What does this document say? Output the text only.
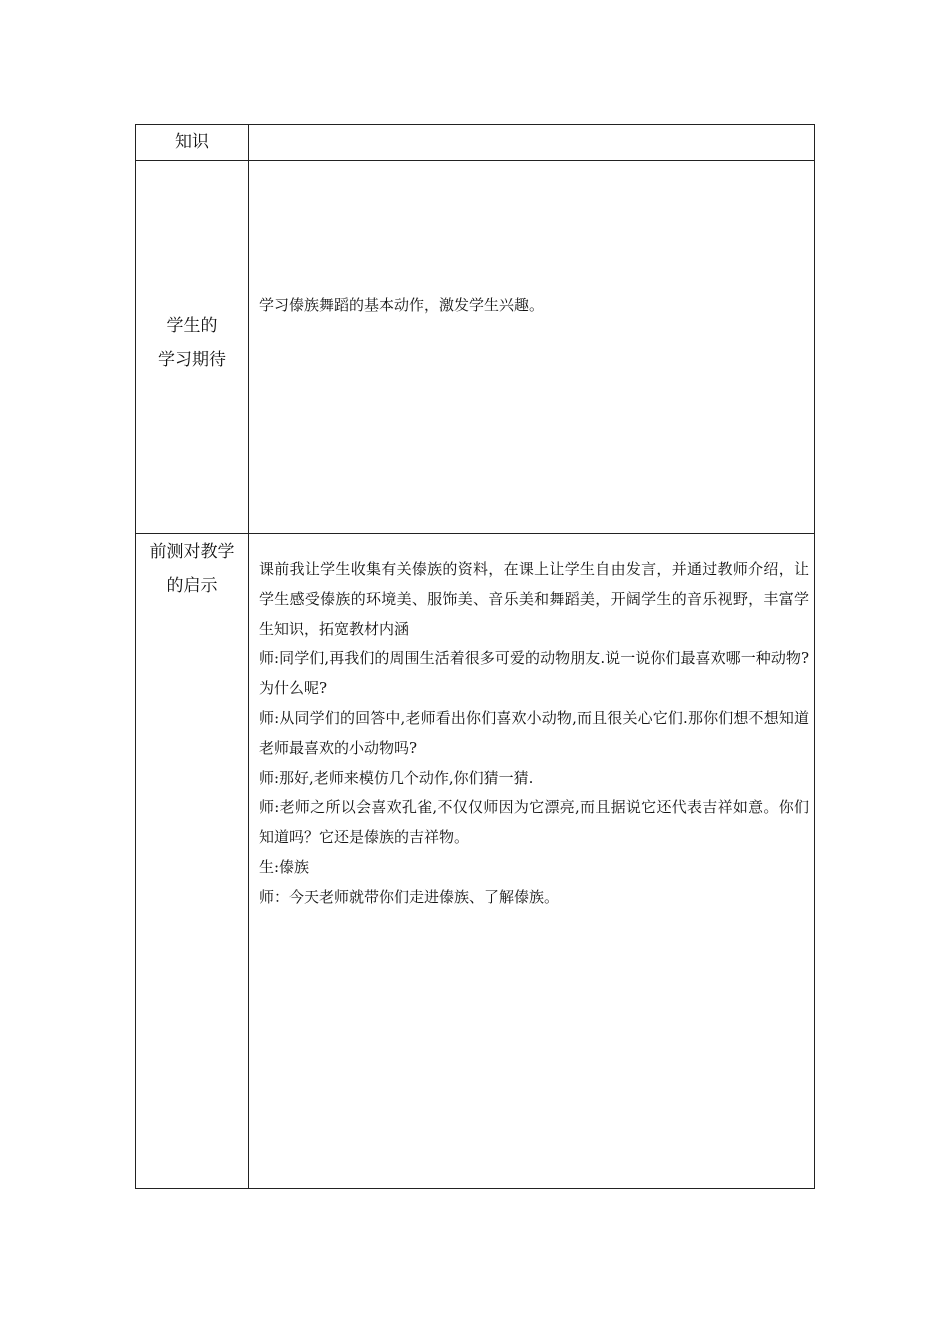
知识
学生的
学习期待

学习傣族舞蹈的基本动作，激发学生兴趣。

前测对教学
的启示

课前我让学生收集有关傣族的资料，在课上让学生自由发言，并通过教师介绍，让学生感受傣族的环境美、服饰美、音乐美和舞蹈美，开阔学生的音乐视野，丰富学生知识，拓宽教材内涵

师:同学们,再我们的周围生活着很多可爱的动物朋友.说一说你们最喜欢哪一种动物?为什么呢?

师:从同学们的回答中,老师看出你们喜欢小动物,而且很关心它们.那你们想不想知道老师最喜欢的小动物吗?

师:那好,老师来模仿几个动作,你们猜一猜.

师:老师之所以会喜欢孔雀,不仅仅师因为它漂亮,而且据说它还代表吉祥如意。你们知道吗？它还是傣族的吉祥物。

生:傣族

师：今天老师就带你们走进傣族、了解傣族。
